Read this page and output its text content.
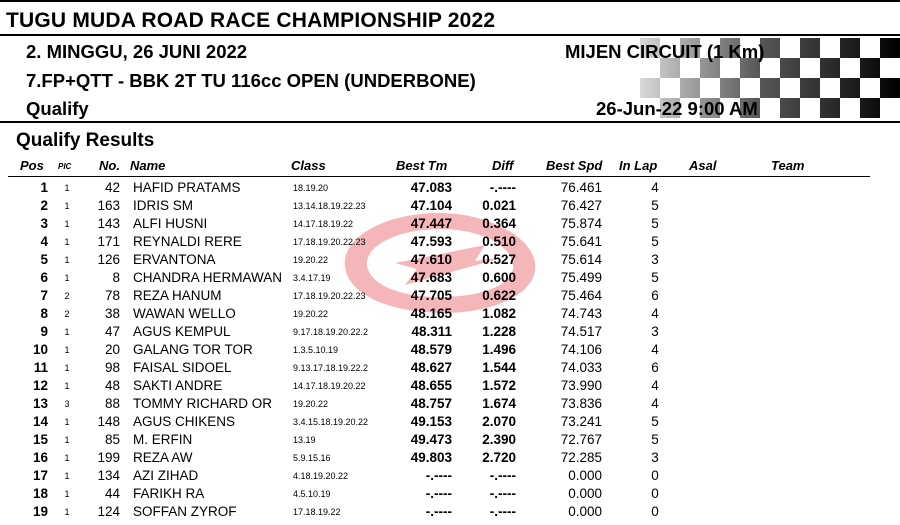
TUGU MUDA ROAD RACE CHAMPIONSHIP 2022
2. MINGGU, 26 JUNI 2022	MIJEN CIRCUIT (1 Km)
7.FP+QTT - BBK 2T TU 116cc OPEN (UNDERBONE)
Qualify	26-Jun-22 9:00 AM
Qualify Results
Pos PIC No. Name	Class	Best Tm	Diff	Best Spd In Lap Asal	Team
1	1	42 HAFID PRATAMS	18.19.20	47.083	-.----	76.461	4
2	1	163 IDRIS SM	13.14.18.19.22.23	47.104	0.021	76.427	5
3	1	143 ALFI HUSNI	14.17.18.19.22	47.447	0.364	75.874	5
4	1	171 REYNALDI RERE	17.18.19.20.22.23	47.593	0.510	75.641	5
5	1	126 ERVANTONA	19.20.22	47.610	0.527	75.614	3
6	1	8 CHANDRA HERMAWAN	3.4.17.19	47.683	0.600	75.499	5
7	2	78 REZA HANUM	17.18.19.20.22.23	47.705	0.622	75.464	6
8	2	38 WAWAN WELLO	19.20.22	48.165	1.082	74.743	4
9	1	47 AGUS KEMPUL	9.17.18.19.20.22.2	48.311	1.228	74.517	3
10	1	20 GALANG TOR TOR	1.3.5.10.19	48.579	1.496	74.106	4
11	1	98 FAISAL SIDOEL	9.13.17.18.19.22.2	48.627	1.544	74.033	6
12	1	48 SAKTI ANDRE	14.17.18.19.20.22	48.655	1.572	73.990	4
13	3	88 TOMMY RICHARD OR	19.20.22	48.757	1.674	73.836	4
14	1	148 AGUS CHIKENS	3.4.15.18.19.20.22	49.153	2.070	73.241	5
15	1	85 M. ERFIN	13.19	49.473	2.390	72.767	5
16	1	199 REZA AW	5.9.15.16	49.803	2.720	72.285	3
17	1	134 AZI ZIHAD	4.18.19.20.22	-.----	-.----	0.000	0
18	1	44 FARIKH RA	4.5.10.19	-.----	-.----	0.000	0
19	1	124 SOFFAN ZYROF	17.18.19.22	-.----	-.----	0.000	0
